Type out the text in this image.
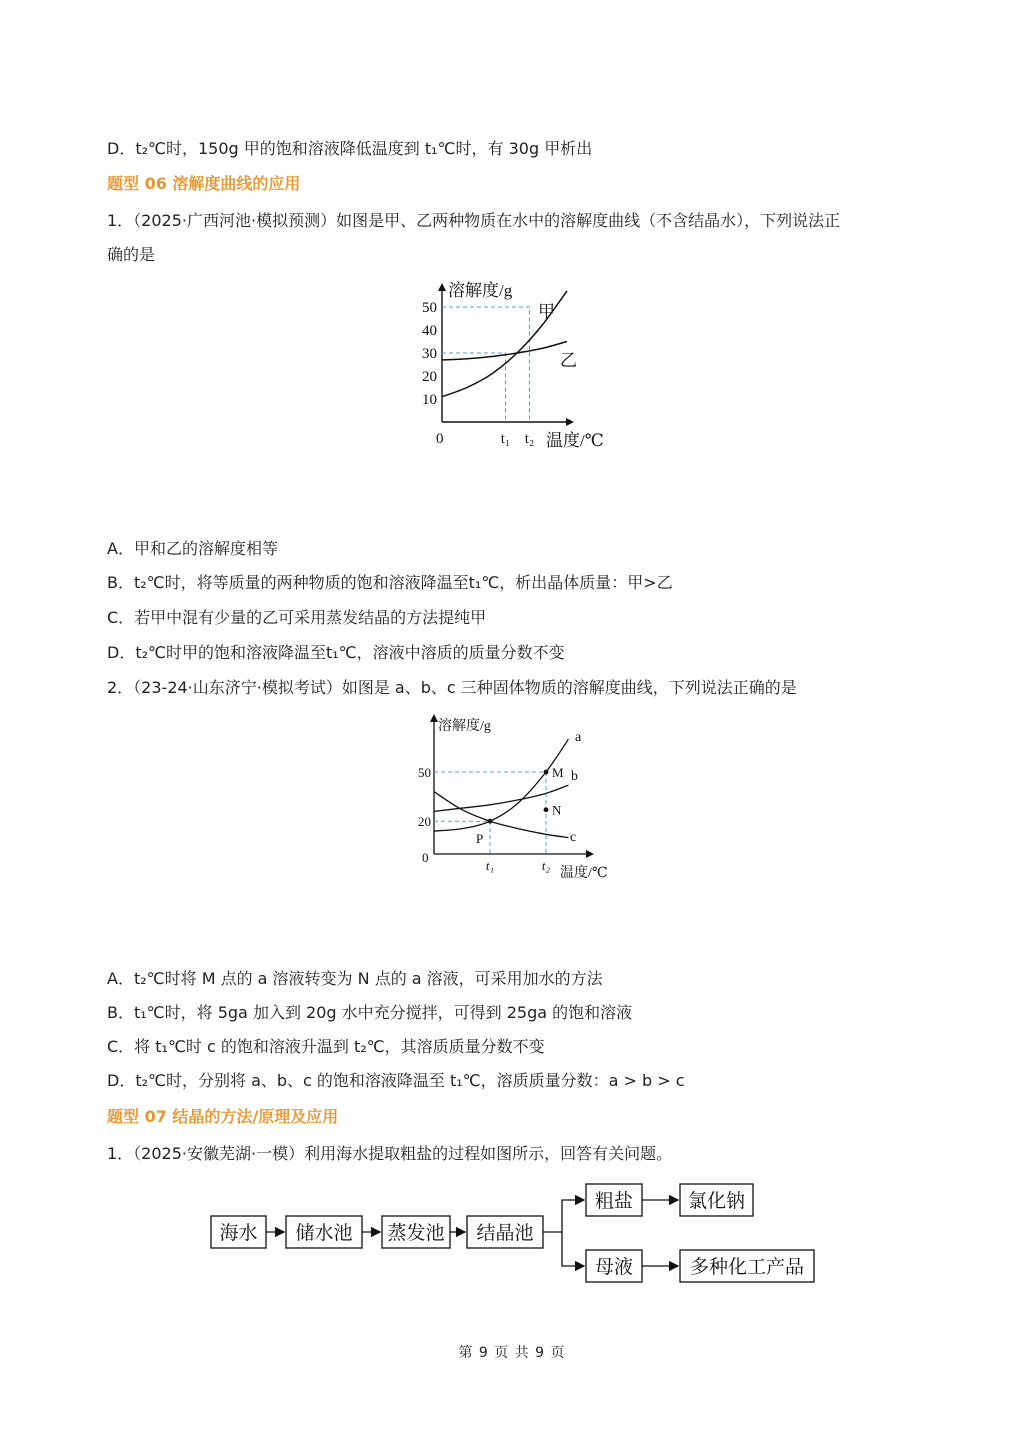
D．t₂℃时，150g 甲的饱和溶液降低温度到 t₁℃时，有 30g 甲析出
题型 06 溶解度曲线的应用
1．（2025·广西河池·模拟预测）如图是甲、乙两种物质在水中的溶解度曲线（不含结晶水），下列说法正
确的是
溶解度/g
温度/℃
0
10
20
30
40
50
t₁ t₂
甲
乙
A．甲和乙的溶解度相等
B．t₂℃时，将等质量的两种物质的饱和溶液降温至t₁℃，析出晶体质量：甲>乙
C．若甲中混有少量的乙可采用蒸发结晶的方法提纯甲
D．t₂℃时甲的饱和溶液降温至t₁℃，溶液中溶质的质量分数不变
2．（23-24·山东济宁·模拟考试）如图是 a、b、c 三种固体物质的溶解度曲线，下列说法正确的是
溶解度/g
温度/℃
0
20
50
t₁	t₂
a
b
c
M
N
P
A．t₂℃时将 M 点的 a 溶液转变为 N 点的 a 溶液，可采用加水的方法
B．t₁℃时，将 5ga 加入到 20g 水中充分搅拌，可得到 25ga 的饱和溶液
C．将 t₁℃时 c 的饱和溶液升温到 t₂℃，其溶质质量分数不变
D．t₂℃时，分别将 a、b、c 的饱和溶液降温至 t₁℃，溶质质量分数：a > b > c
题型 07 结晶的方法/原理及应用
1．（2025·安徽芜湖·一模）利用海水提取粗盐的过程如图所示，回答有关问题。
海水 储水池 蒸发池 结晶池
粗盐	氯化钠
母液	多种化工产品
第 9 页 共 9 页
